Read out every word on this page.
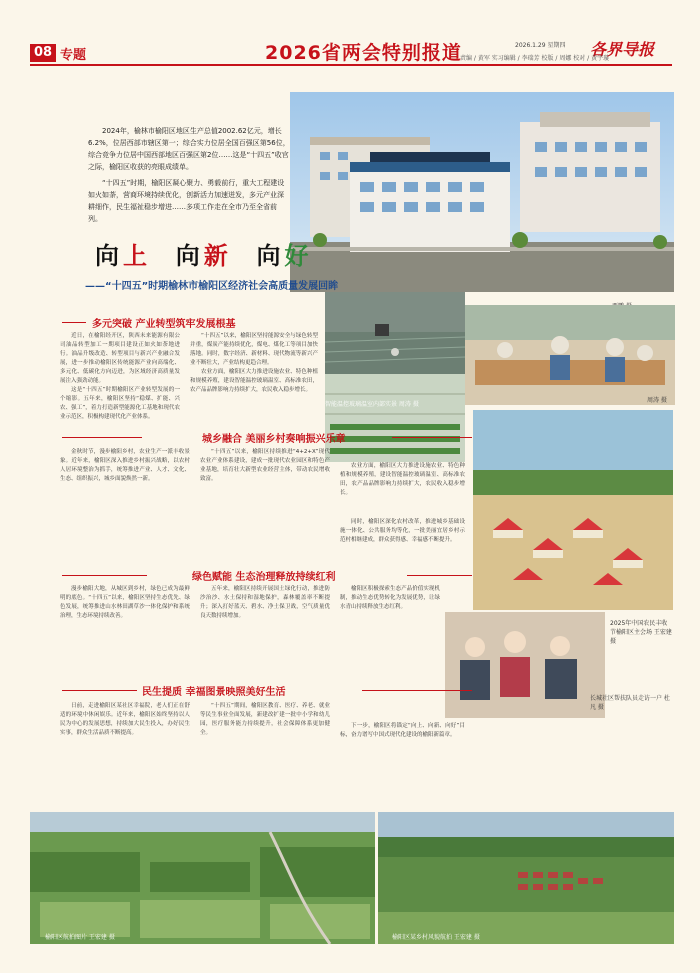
08 专题	2026省两会特别报道	2026.1.29 星期四 各界导报
责编 / 黄军 实习编辑 / 李瑞芳 校版 / 周娜 校对 / 黄宇璇

2024年，榆林市榆阳区地区生产总值2002.62亿元，增长6.2%，位居西部市辖区第一；综合实力位居全国百强区第56位，综合竞争力位居中国西部地区百强区第2位……这是“十四五”收官之际，榆阳区收获的亮眼成绩单。

“十四五”时期，榆阳区凝心聚力、勇毅前行，重大工程建设如火如荼，营商环境持续优化，创新活力加速迸发，多元产业深耕细作，民生福祉稳步增进……多项工作走在全市乃至全省前列。

向上 向新 向好
——“十四五”时期榆林市榆阳区经济社会高质量发展回眸
周涛 摄
智能温控玻璃温室内部实景 周涛 摄
2025年中国农民丰收节榆阳区主会场 王宏建 摄
长城社区帮扶队员走访一户 杜凡 摄
多元突破 产业转型筑牢发展根基

近日，在榆阳经开区，陕西未来能源有限公司油品转型加工一期项目建设正如火如荼地进行。油品升级改造、转型项目与新兴产业融合发展，进一步推动榆阳区传统能源产业向高端化、多元化、低碳化方向迈进，为区域经济高质量发展注入强劲动能。

这是“十四五”时期榆阳区产业转型发展的一个缩影。五年来，榆阳区坚持“稳煤、扩能、兴农、强工”，着力打造新型能源化工基地和现代农业示范区，积极构建现代化产业体系。

“十四五”以来，榆阳区坚持能源安全与绿色转型并重，煤炭产能持续优化，煤电、煤化工等项目加快落地。同时，数字经济、新材料、现代物流等新兴产业不断壮大，产业结构更趋合理。

农业方面，榆阳区大力推进设施农业、特色种植和规模养殖，建设智能温控玻璃温室、高标准农田，农产品品牌影响力持续扩大，农民收入稳步增长。

农业方面，榆阳区大力推进设施农业、特色种植和规模养殖，建设智能温控玻璃温室、高标准农田，农产品品牌影响力持续扩大，农民收入稳步增长。

城乡融合 美丽乡村奏响振兴乐章

金秋时节，漫步榆阳乡村，农业生产一派丰收景象。近年来，榆阳区深入推进乡村振兴战略，以农村人居环境整治为抓手，统筹推进产业、人才、文化、生态、组织振兴，城乡面貌焕然一新。

“十四五”以来，榆阳区持续推进“4+2+X”现代农业产业体系建设，建成一批现代农业园区和特色产业基地，培育壮大新型农业经营主体，带动农民增收致富。

同时，榆阳区深化农村改革，推进城乡基础设施一体化、公共服务均等化，一批美丽宜居乡村示范村相继建成，群众获得感、幸福感不断提升。

绿色赋能 生态治理释放持续红利

漫步榆阳大地，从城区到乡村，绿色已成为最鲜明的底色。“十四五”以来，榆阳区坚持生态优先、绿色发展，统筹推进山水林田湖草沙一体化保护和系统治理，生态环境持续改善。

五年来，榆阳区持续开展国土绿化行动，推进防沙治沙、水土保持和湿地保护，森林覆盖率不断提升；深入打好蓝天、碧水、净土保卫战，空气质量优良天数持续增加。

榆阳区积极探索生态产品价值实现机制，推动生态优势转化为发展优势，让绿水青山持续释放生态红利。

民生提质 幸福图景映照美好生活

日前，走进榆阳区某社区幸福院，老人们正在舒适的环境中休闲娱乐。近年来，榆阳区始终坚持以人民为中心的发展思想，持续加大民生投入，办好民生实事，群众生活品质不断提高。

“十四五”期间，榆阳区教育、医疗、养老、就业等民生事业全面发展，新建改扩建一批中小学和幼儿园，医疗服务能力持续提升，社会保障体系更加健全。

下一步，榆阳区将锚定“向上、向新、向好”目标，奋力谱写中国式现代化建设的榆阳新篇章。

榆阳区航拍图片 王宏建 摄	榆阳区某乡村风貌航拍 王宏建 摄
